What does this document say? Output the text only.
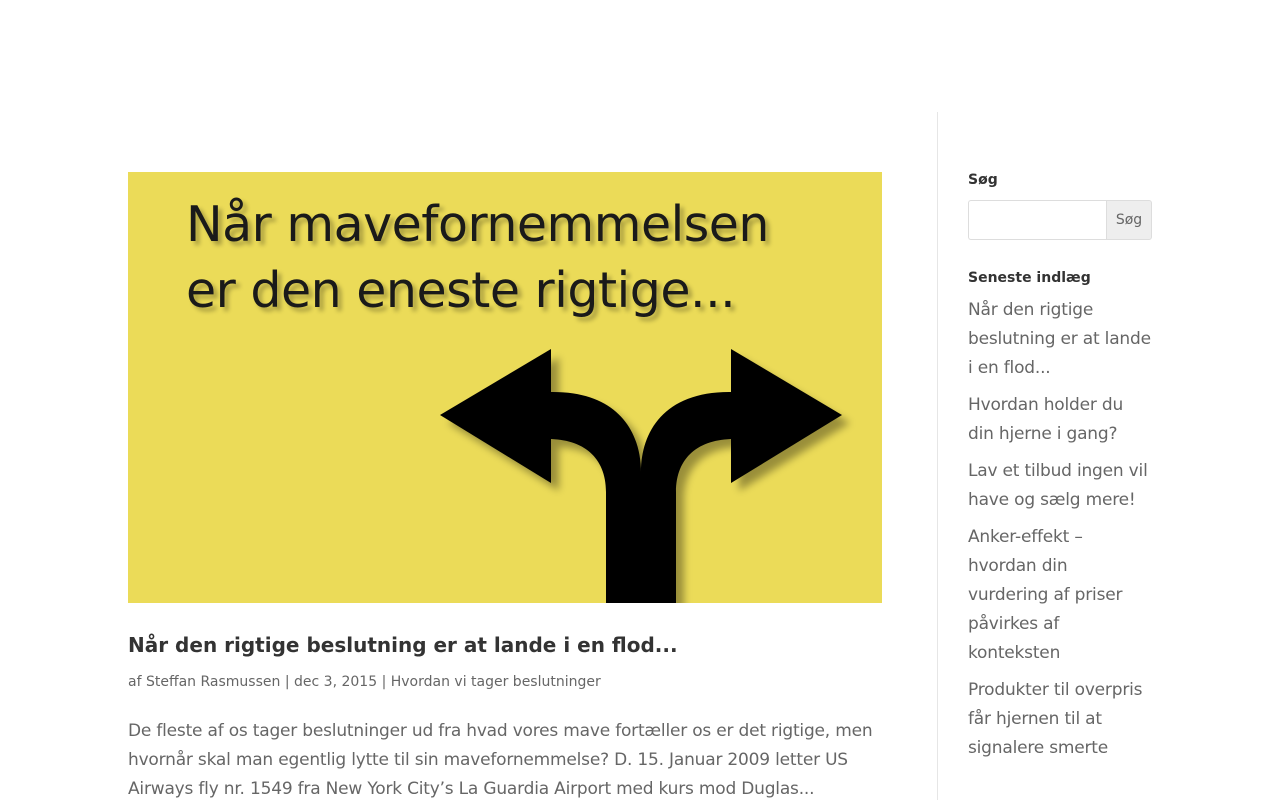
Når mavefornemmelsen
er den eneste rigtige...
Når den rigtige beslutning er at lande i en flod...

af Steffan Rasmussen | dec 3, 2015 | Hvordan vi tager beslutninger

De fleste af os tager beslutninger ud fra hvad vores mave fortæller os er det rigtige, men hvornår skal man egentlig lytte til sin mavefornemmelse? D. 15. Januar 2009 letter US Airways fly nr. 1549 fra New York City’s La Guardia Airport med kurs mod Duglas...

Søg
Søg
Seneste indlæg
Når den rigtige beslutning er at lande i en flod...
Hvordan holder du din hjerne i gang?
Lav et tilbud ingen vil have og sælg mere!
Anker-effekt – hvordan din vurdering af priser påvirkes af konteksten
Produkter til overpris får hjernen til at signalere smerte
